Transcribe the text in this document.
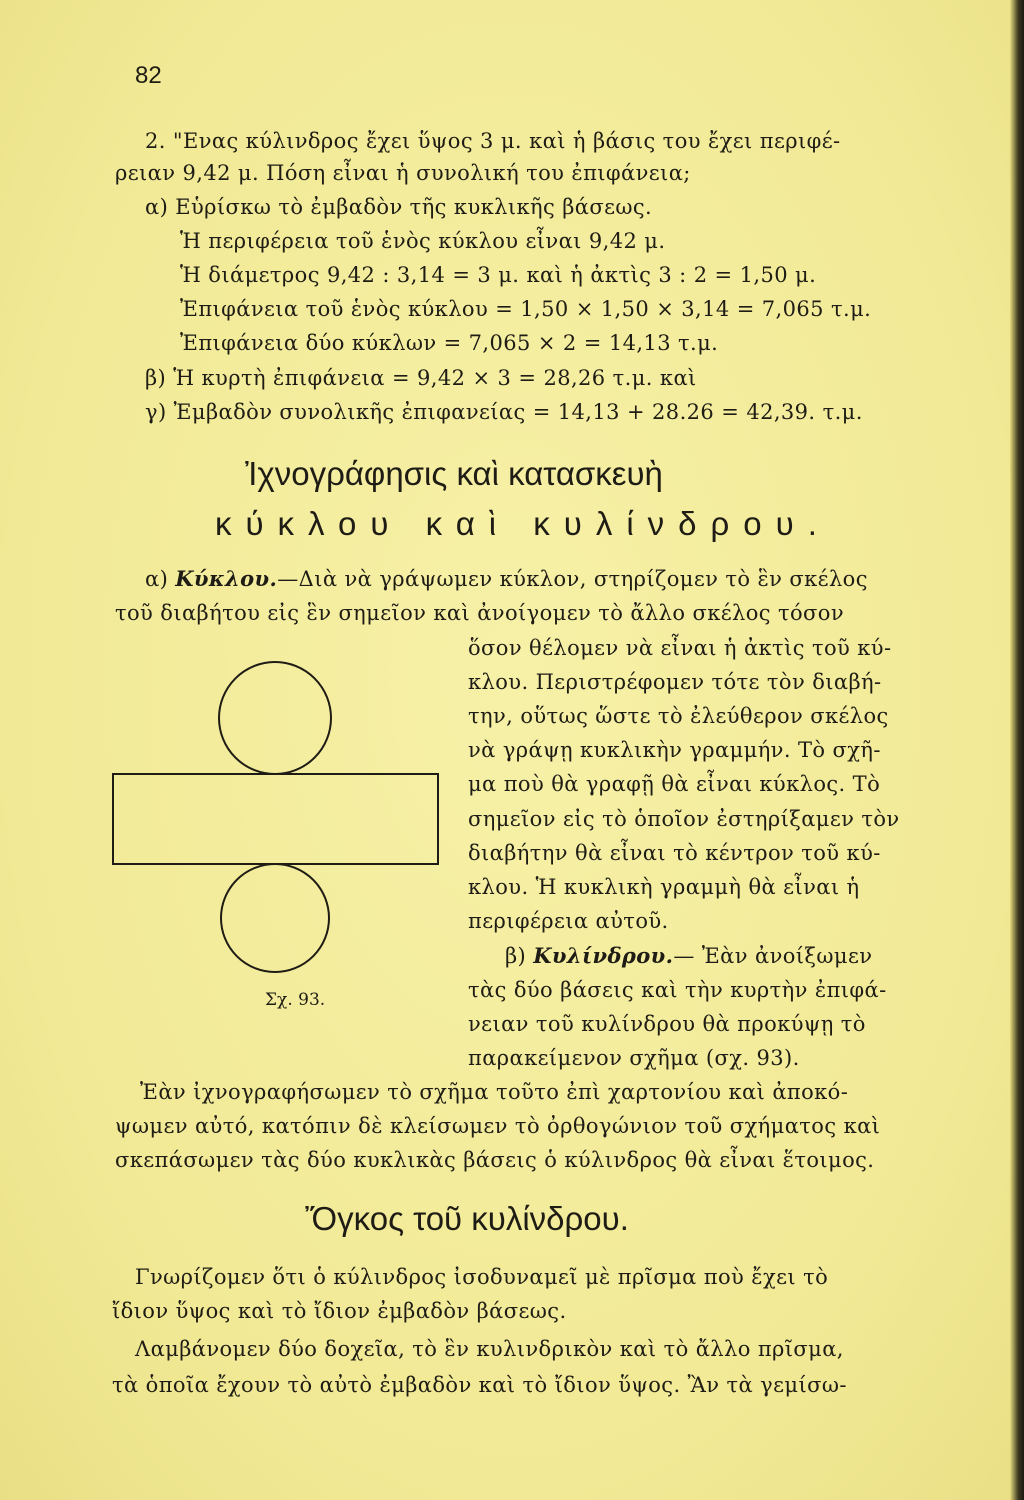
82
2. "Ενας κύλινδρος ἔχει ὕψος 3 μ. καὶ ἡ βάσις του ἔχει περιφέ-
ρειαν 9,42 μ. Πόση εἶναι ἡ συνολική του ἐπιφάνεια;
α) Εὑρίσκω τὸ ἐμβαδὸν τῆς κυκλικῆς βάσεως.
Ἡ περιφέρεια τοῦ ἑνὸς κύκλου εἶναι 9,42 μ.
Ἡ διάμετρος 9,42 : 3,14 = 3 μ. καὶ ἡ ἀκτὶς 3 : 2 = 1,50 μ.
Ἐπιφάνεια τοῦ ἑνὸς κύκλου = 1,50 × 1,50 × 3,14 = 7,065 τ.μ.
Ἐπιφάνεια δύο κύκλων = 7,065 × 2 = 14,13 τ.μ.
β) Ἡ κυρτὴ ἐπιφάνεια = 9,42 × 3 = 28,26 τ.μ. καὶ
γ) Ἐμβαδὸν συνολικῆς ἐπιφανείας = 14,13 + 28.26 = 42,39. τ.μ.
Ἰχνογράφησις καὶ κατασκευὴ
κύκλου καὶ κυλίνδρου.
α) Κύκλου.—Διὰ νὰ γράψωμεν κύκλον, στηρίζομεν τὸ ἓν σκέλος
τοῦ διαβήτου εἰς ἓν σημεῖον καὶ ἀνοίγομεν τὸ ἄλλο σκέλος τόσον
ὅσον θέλομεν νὰ εἶναι ἡ ἀκτὶς τοῦ κύ-
κλου. Περιστρέφομεν τότε τὸν διαβή-
την, οὕτως ὥστε τὸ ἐλεύθερον σκέλος
νὰ γράψῃ κυκλικὴν γραμμήν. Τὸ σχῆ-
μα ποὺ θὰ γραφῇ θὰ εἶναι κύκλος. Τὸ
σημεῖον εἰς τὸ ὁποῖον ἐστηρίξαμεν τὸν
διαβήτην θὰ εἶναι τὸ κέντρον τοῦ κύ-
κλου. Ἡ κυκλικὴ γραμμὴ θὰ εἶναι ἡ
περιφέρεια αὐτοῦ.
β) Κυλίνδρου.— Ἐὰν ἀνοίξωμεν
τὰς δύο βάσεις καὶ τὴν κυρτὴν ἐπιφά-
νειαν τοῦ κυλίνδρου θὰ προκύψῃ τὸ
παρακείμενον σχῆμα (σχ. 93).
Ἐὰν ἰχνογραφήσωμεν τὸ σχῆμα τοῦτο ἐπὶ χαρτονίου καὶ ἀποκό-
ψωμεν αὐτό, κατόπιν δὲ κλείσωμεν τὸ ὀρθογώνιον τοῦ σχήματος καὶ
σκεπάσωμεν τὰς δύο κυκλικὰς βάσεις ὁ κύλινδρος θὰ εἶναι ἕτοιμος.
Σχ. 93.
Ὄγκος τοῦ κυλίνδρου.
Γνωρίζομεν ὅτι ὁ κύλινδρος ἰσοδυναμεῖ μὲ πρῖσμα ποὺ ἔχει τὸ
ἴδιον ὕψος καὶ τὸ ἴδιον ἐμβαδὸν βάσεως.
Λαμβάνομεν δύο δοχεῖα, τὸ ἓν κυλινδρικὸν καὶ τὸ ἄλλο πρῖσμα,
τὰ ὁποῖα ἔχουν τὸ αὐτὸ ἐμβαδὸν καὶ τὸ ἴδιον ὕψος. Ἂν τὰ γεμίσω-
